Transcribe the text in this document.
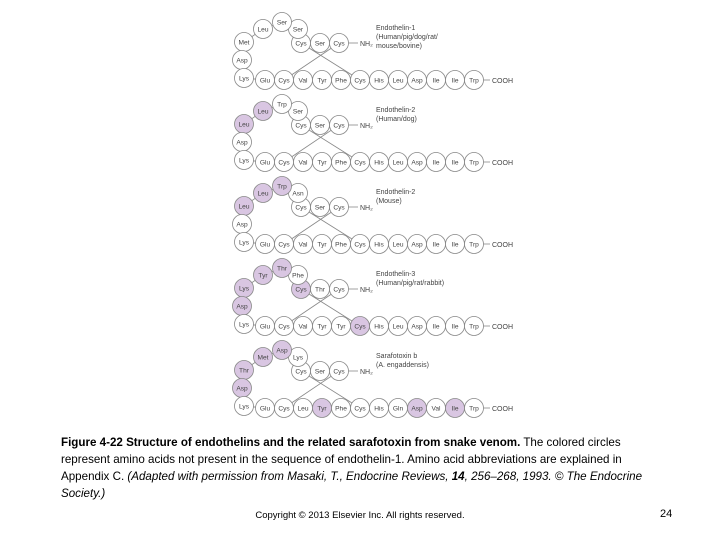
NH₂
COOH
Cys
Ser
Cys
Ser
Ser
Leu
Met
Asp
Lys Glu Cys Val Tyr Phe Cys His Leu Asp Ile Ile Trp
Endothelin-1 (Human/pig/dog/rat/ mouse/bovine)
NH₂
COOH
Cys
Ser
Cys
Ser
Trp
Leu
Leu
Asp
Lys Glu Cys Val Tyr Phe Cys His Leu Asp Ile Ile Trp
Endothelin-2 (Human/dog)
NH₂
COOH
Cys
Ser
Cys
Asn
Trp
Leu
Leu
Asp
Lys Glu Cys Val Tyr Phe Cys His Leu Asp Ile Ile Trp
Endothelin-2 (Mouse)
NH₂
COOH
Cys
Thr
Cys
Phe
Thr
Tyr
Lys
Asp
Lys Glu Cys Val Tyr Tyr Cys His Leu Asp Ile Ile Trp
Endothelin-3 (Human/pig/rat/rabbit)
NH₂
COOH
Cys
Ser
Cys
Lys
Asp
Met
Thr
Asp
Lys Glu Cys Leu Tyr Phe Cys His Gln Asp Val Ile Trp
Sarafotoxin b (A. engaddensis)
Figure 4-22 Structure of endothelins and the related sarafotoxin from snake venom. The colored circles represent amino acids not present in the sequence of endothelin-1. Amino acid abbreviations are explained in Appendix C. (Adapted with permission from Masaki, T., Endocrine Reviews, 14, 256–268, 1993. © The Endocrine Society.)
Copyright © 2013 Elsevier Inc. All rights reserved.	24
